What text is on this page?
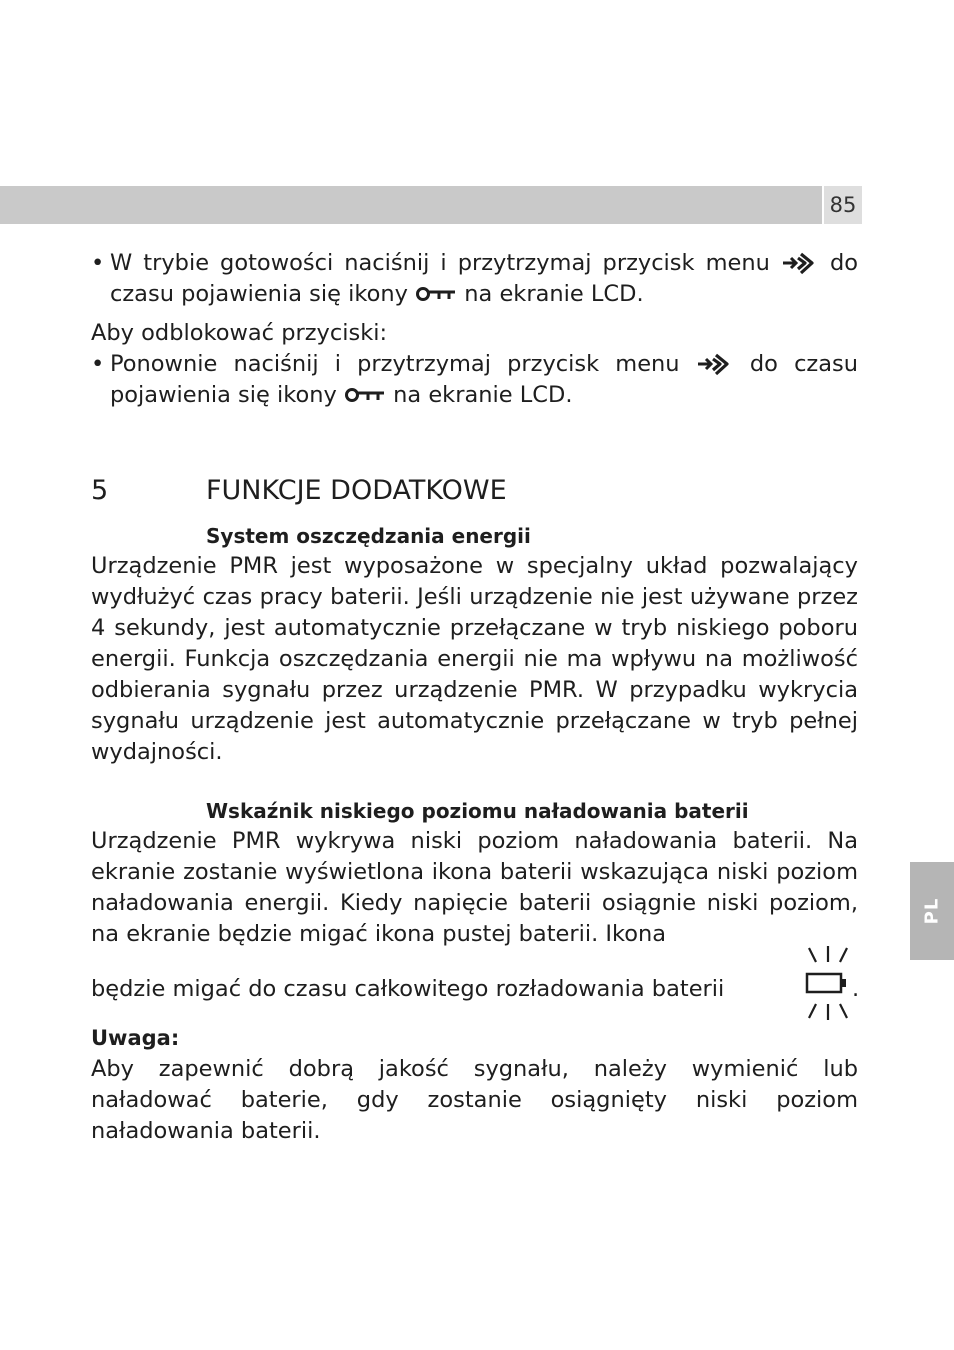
85
PL

• W trybie gotowości naciśnij i przytrzymaj przycisk menu	do czasu pojawienia się ikony	na ekranie LCD.

Aby odblokować przyciski:

• Ponownie naciśnij i przytrzymaj przycisk menu	do czasu pojawienia się ikony	na ekranie LCD.

5	FUNKCJE DODATKOWE

System oszczędzania energii

Urządzenie PMR jest wyposażone w specjalny układ pozwalający wydłużyć czas pracy baterii. Jeśli urządzenie nie jest używane przez 4 sekundy, jest automatycznie przełączane w tryb niskiego poboru energii. Funkcja oszczędzania energii nie ma wpływu na możliwość odbierania sygnału przez urządzenie PMR. W przypadku wykrycia sygnału urządzenie jest automatycznie przełączane w tryb pełnej wydajności.

Wskaźnik niskiego poziomu naładowania baterii

Urządzenie PMR wykrywa niski poziom naładowania baterii. Na ekranie zostanie wyświetlona ikona baterii wskazująca niski poziom naładowania energii. Kiedy napięcie baterii osiągnie niski poziom, na ekranie będzie migać ikona pustej baterii. Ikona

będzie migać do czasu całkowitego rozładowania baterii	.

Uwaga:

Aby zapewnić dobrą jakość sygnału, należy wymienić lub naładować baterie, gdy zostanie osiągnięty niski poziom naładowania baterii.
